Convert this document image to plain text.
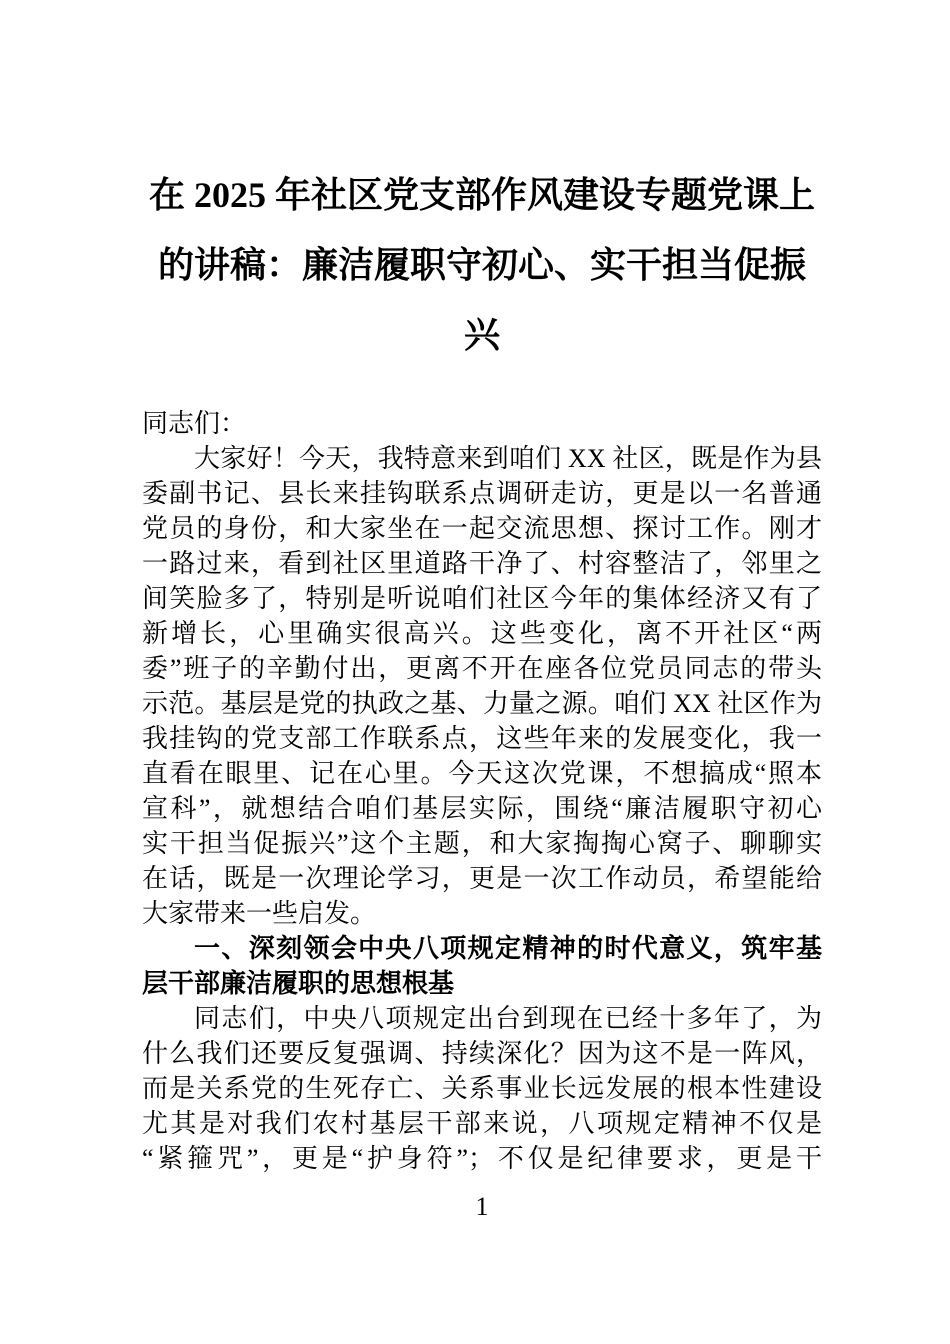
在 2025 年社区党支部作风建设专题党课上
的讲稿：廉洁履职守初心、实干担当促振
兴
同志们：
大家好！今天，我特意来到咱们 XX 社区，既是作为县
委副书记、县长来挂钩联系点调研走访，更是以一名普通
党员的身份，和大家坐在一起交流思想、探讨工作。刚才
一路过来，看到社区里道路干净了、村容整洁了，邻里之
间笑脸多了，特别是听说咱们社区今年的集体经济又有了
新增长，心里确实很高兴。这些变化，离不开社区“两
委”班子的辛勤付出，更离不开在座各位党员同志的带头
示范。基层是党的执政之基、力量之源。咱们 XX 社区作为
我挂钩的党支部工作联系点，这些年来的发展变化，我一
直看在眼里、记在心里。今天这次党课，不想搞成“照本
宣科”，就想结合咱们基层实际，围绕“廉洁履职守初心
实干担当促振兴”这个主题，和大家掏掏心窝子、聊聊实
在话，既是一次理论学习，更是一次工作动员，希望能给
大家带来一些启发。
一、深刻领会中央八项规定精神的时代意义，筑牢基
层干部廉洁履职的思想根基
同志们，中央八项规定出台到现在已经十多年了，为
什么我们还要反复强调、持续深化？因为这不是一阵风，
而是关系党的生死存亡、关系事业长远发展的根本性建设
尤其是对我们农村基层干部来说，八项规定精神不仅是
“紧箍咒”，更是“护身符”；不仅是纪律要求，更是干
1
